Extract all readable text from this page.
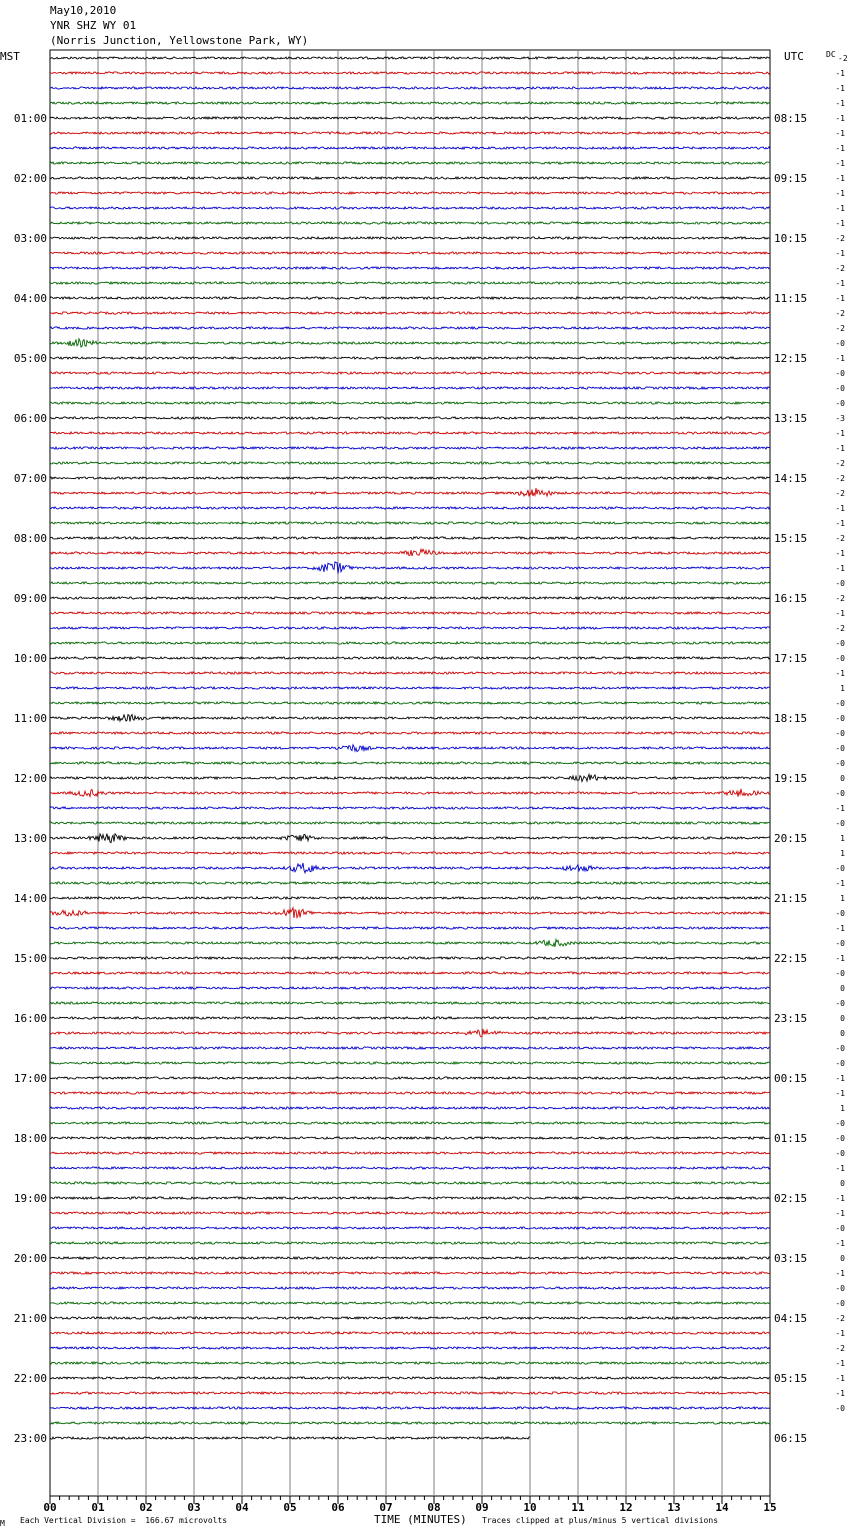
May10,2010
YNR SHZ WY 01
(Norris Junction, Yellowstone Park, WY)
MST	UTC
00	01	02	03	04	05	06	07	08	09	10	11	12	13	14	15
01:00
02:00
03:00
04:00
05:00
06:00
07:00
08:00
09:00
10:00
11:00
12:00
13:00
14:00
15:00
16:00
17:00
18:00
19:00
20:00
21:00
22:00
23:00
08:15
09:15
10:15
11:15
12:15
13:15
14:15
15:15
16:15
17:15
18:15
19:15
20:15
21:15
22:15
23:15
00:15
01:15
02:15
03:15
04:15
05:15
06:15
DC -2
-1
-1
-1
-1
-1
-1
-1
-1
-1
-1
-1
-2
-1
-2
-1
-1
-2
-2
-0
-1
-0
-0
-0
-3
-1
-1
-2
-2
-2
-1
-1
-2
-1
-1
-0
-2
-1
-2
-0
-0
-1
1
-0
-0
-0
-0
-0
0
-0
-1
-0
1
1
-0
-1
1
-0
-1
-0
-1
-0
0
-0
0
0
-0
-0
-1
-1
1
-0
-0
-0
-1
0
-1
-1
-0
-1
0
-1
-0
-0
-2
-1
-2
-1
-1
-1
-0
M Each Vertical Division =  166.67 microvolts	TIME (MINUTES) Traces clipped at plus/minus 5 vertical divisions
